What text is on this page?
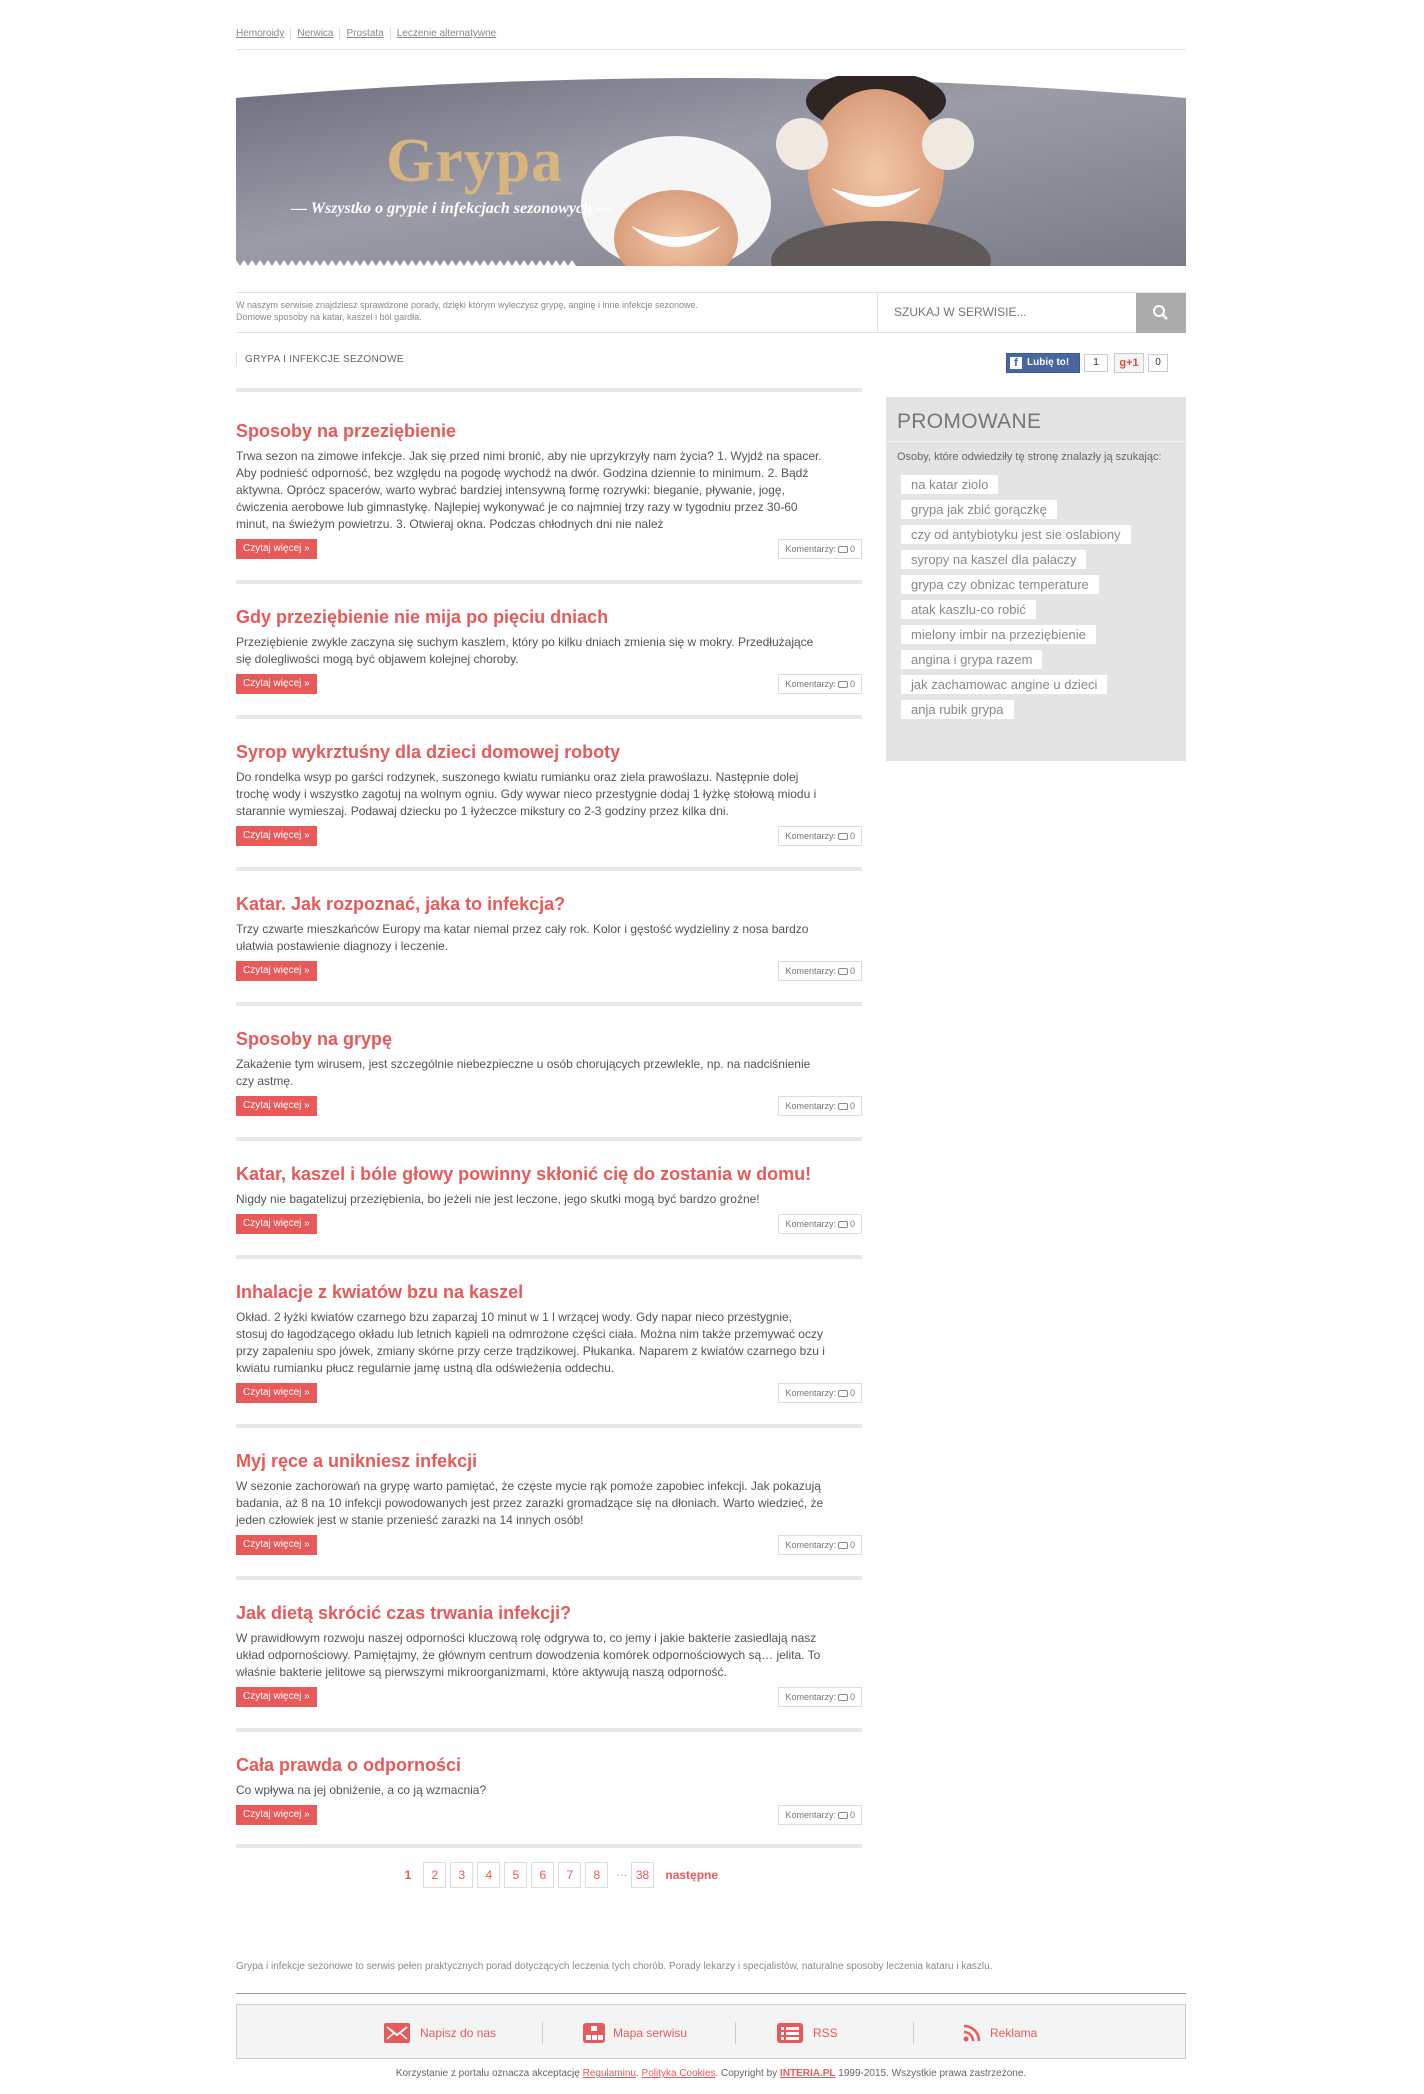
Hemoroidy Nerwica Prostata Leczenie alternatywne
Grypa
— Wszystko o grypie i infekcjach sezonowych —
W naszym serwisie znajdziesz sprawdzone porady, dzięki którym wyleczysz grypę, anginę i inne infekcje sezonowe.
Domowe sposoby na katar, kaszel i ból gardła.
SZUKAJ W SERWISIE...
GRYPA I INFEKCJE SEZONOWE	f Lubię to!	1	g+1	0
Sposoby na przeziębienie

Trwa sezon na zimowe infekcje. Jak się przed nimi bronić, aby nie uprzykrzyły nam życia? 1. Wyjdź na spacer. Aby podnieść odporność, bez względu na pogodę wychodź na dwór. Godzina dziennie to minimum. 2. Bądź aktywna. Oprócz spacerów, warto wybrać bardziej intensywną formę rozrywki: bieganie, pływanie, jogę, ćwiczenia aerobowe lub gimnastykę. Najlepiej wykonywać je co najmniej trzy razy w tygodniu przez 30-60 minut, na świeżym powietrzu. 3. Otwieraj okna. Podczas chłodnych dni nie należ

Czytaj więcej »	Komentarzy: 0
Gdy przeziębienie nie mija po pięciu dniach

Przeziębienie zwykle zaczyna się suchym kaszlem, który po kilku dniach zmienia się w mokry. Przedłużające się dolegliwości mogą być objawem kolejnej choroby.

Czytaj więcej »	Komentarzy: 0
Syrop wykrztuśny dla dzieci domowej roboty

Do rondelka wsyp po garści rodzynek, suszonego kwiatu rumianku oraz ziela prawoślazu. Następnie dolej trochę wody i wszystko zagotuj na wolnym ogniu. Gdy wywar nieco przestygnie dodaj 1 łyżkę stołową miodu i starannie wymieszaj. Podawaj dziecku po 1 łyżeczce mikstury co 2-3 godziny przez kilka dni.

Czytaj więcej »	Komentarzy: 0
Katar. Jak rozpoznać, jaka to infekcja?

Trzy czwarte mieszkańców Europy ma katar niemal przez cały rok. Kolor i gęstość wydzieliny z nosa bardzo ułatwia postawienie diagnozy i leczenie.

Czytaj więcej »	Komentarzy: 0
Sposoby na grypę

Zakażenie tym wirusem, jest szczególnie niebezpieczne u osób chorujących przewlekle, np. na nadciśnienie czy astmę.

Czytaj więcej »	Komentarzy: 0
Katar, kaszel i bóle głowy powinny skłonić cię do zostania w domu!

Nigdy nie bagatelizuj przeziębienia, bo jeżeli nie jest leczone, jego skutki mogą być bardzo groźne!

Czytaj więcej »	Komentarzy: 0
Inhalacje z kwiatów bzu na kaszel

Okład. 2 łyżki kwiatów czarnego bzu zaparzaj 10 minut w 1 l wrzącej wody. Gdy napar nieco przestygnie, stosuj do łagodzącego okładu lub letnich kąpieli na odmrożone części ciała. Można nim także przemywać oczy przy zapaleniu spo jówek, zmiany skórne przy cerze trądzikowej. Płukanka. Naparem z kwiatów czarnego bzu i kwiatu rumianku płucz regularnie jamę ustną dla odświeżenia oddechu.

Czytaj więcej »	Komentarzy: 0
Myj ręce a unikniesz infekcji

W sezonie zachorowań na grypę warto pamiętać, że częste mycie rąk pomoże zapobiec infekcji. Jak pokazują badania, aż 8 na 10 infekcji powodowanych jest przez zarazki gromadzące się na dłoniach. Warto wiedzieć, że jeden człowiek jest w stanie przenieść zarazki na 14 innych osób!

Czytaj więcej »	Komentarzy: 0
Jak dietą skrócić czas trwania infekcji?

W prawidłowym rozwoju naszej odporności kluczową rolę odgrywa to, co jemy i jakie bakterie zasiedlają nasz układ odpornościowy. Pamiętajmy, że głównym centrum dowodzenia komórek odpornościowych są… jelita. To właśnie bakterie jelitowe są pierwszymi mikroorganizmami, które aktywują naszą odporność.

Czytaj więcej »	Komentarzy: 0
Cała prawda o odporności

Co wpływa na jej obniżenie, a co ją wzmacnia?

Czytaj więcej »	Komentarzy: 0
1 2 3 4 5 6 7 8 … 38 następne
PROMOWANE
Osoby, które odwiedziły tę stronę znalazły ją szukając:
na katar ziolo
grypa jak zbić gorączkę
czy od antybiotyku jest sie oslabiony
syropy na kaszel dla palaczy
grypa czy obnizac temperature
atak kaszlu-co robić
mielony imbir na przeziębienie
angina i grypa razem
jak zachamowac angine u dzieci
anja rubik grypa
Grypa i infekcje sezonowe to serwis pełen praktycznych porad dotyczących leczenia tych chorób. Porady lekarzy i specjalistów, naturalne sposoby leczenia kataru i kaszlu.
Napisz do nas	Mapa serwisu	RSS	Reklama
Korzystanie z portalu oznacza akceptację Regulaminu. Polityka Cookies. Copyright by INTERIA.PL 1999-2015. Wszystkie prawa zastrzeżone.
